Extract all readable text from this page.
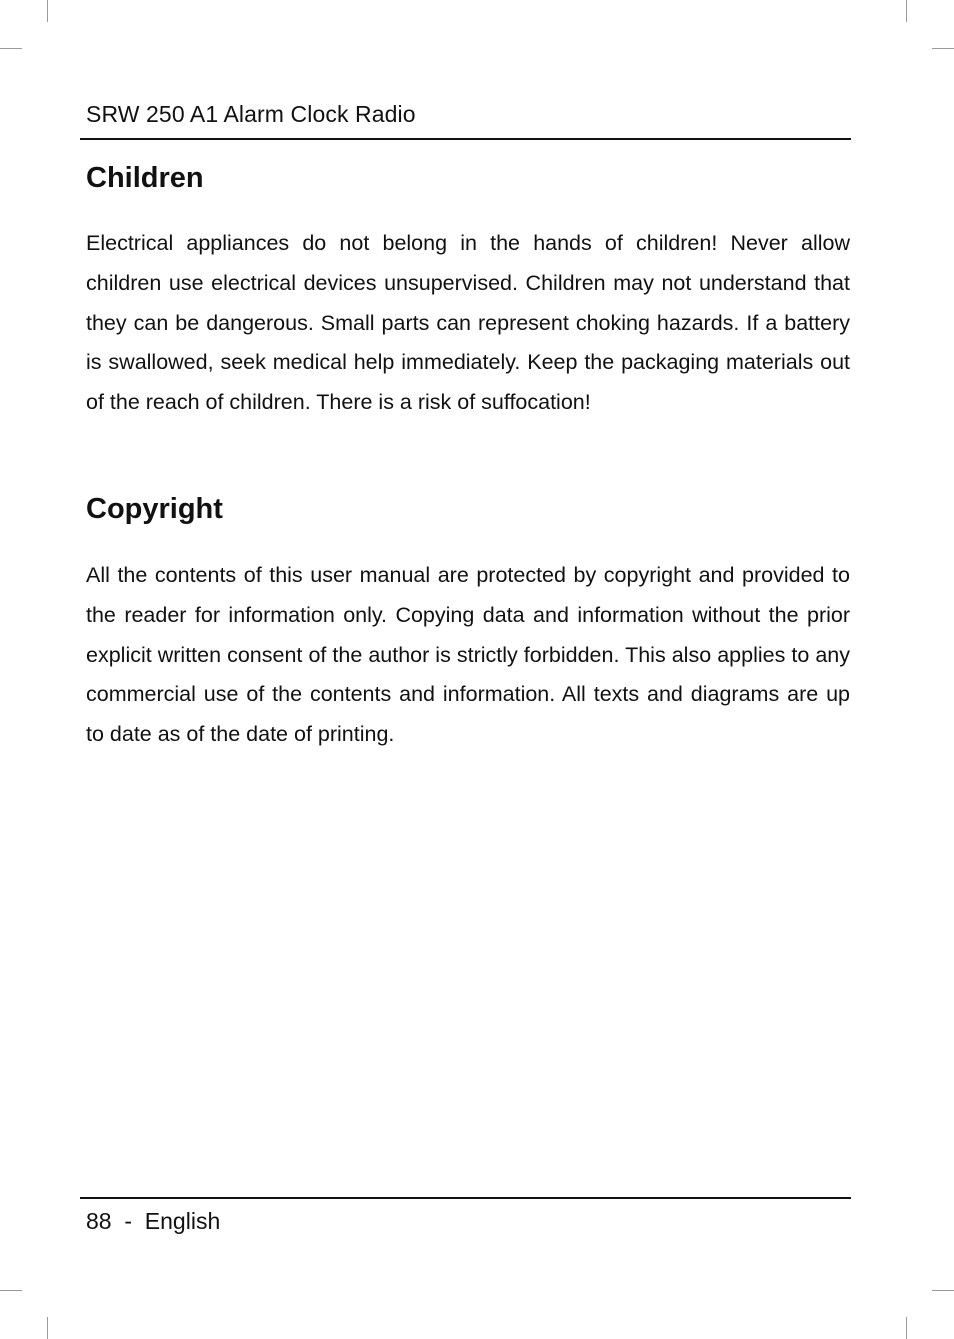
SRW 250 A1 Alarm Clock Radio
Children

Electrical appliances do not belong in the hands of children! Never allow children use electrical devices unsupervised. Children may not understand that they can be dangerous. Small parts can represent choking hazards. If a battery is swallowed, seek medical help immediately. Keep the packaging materials out of the reach of children. There is a risk of suffocation!

Copyright

All the contents of this user manual are protected by copyright and provided to the reader for information only. Copying data and information without the prior explicit written consent of the author is strictly forbidden. This also applies to any commercial use of the contents and information. All texts and diagrams are up to date as of the date of printing.

88  -  English
